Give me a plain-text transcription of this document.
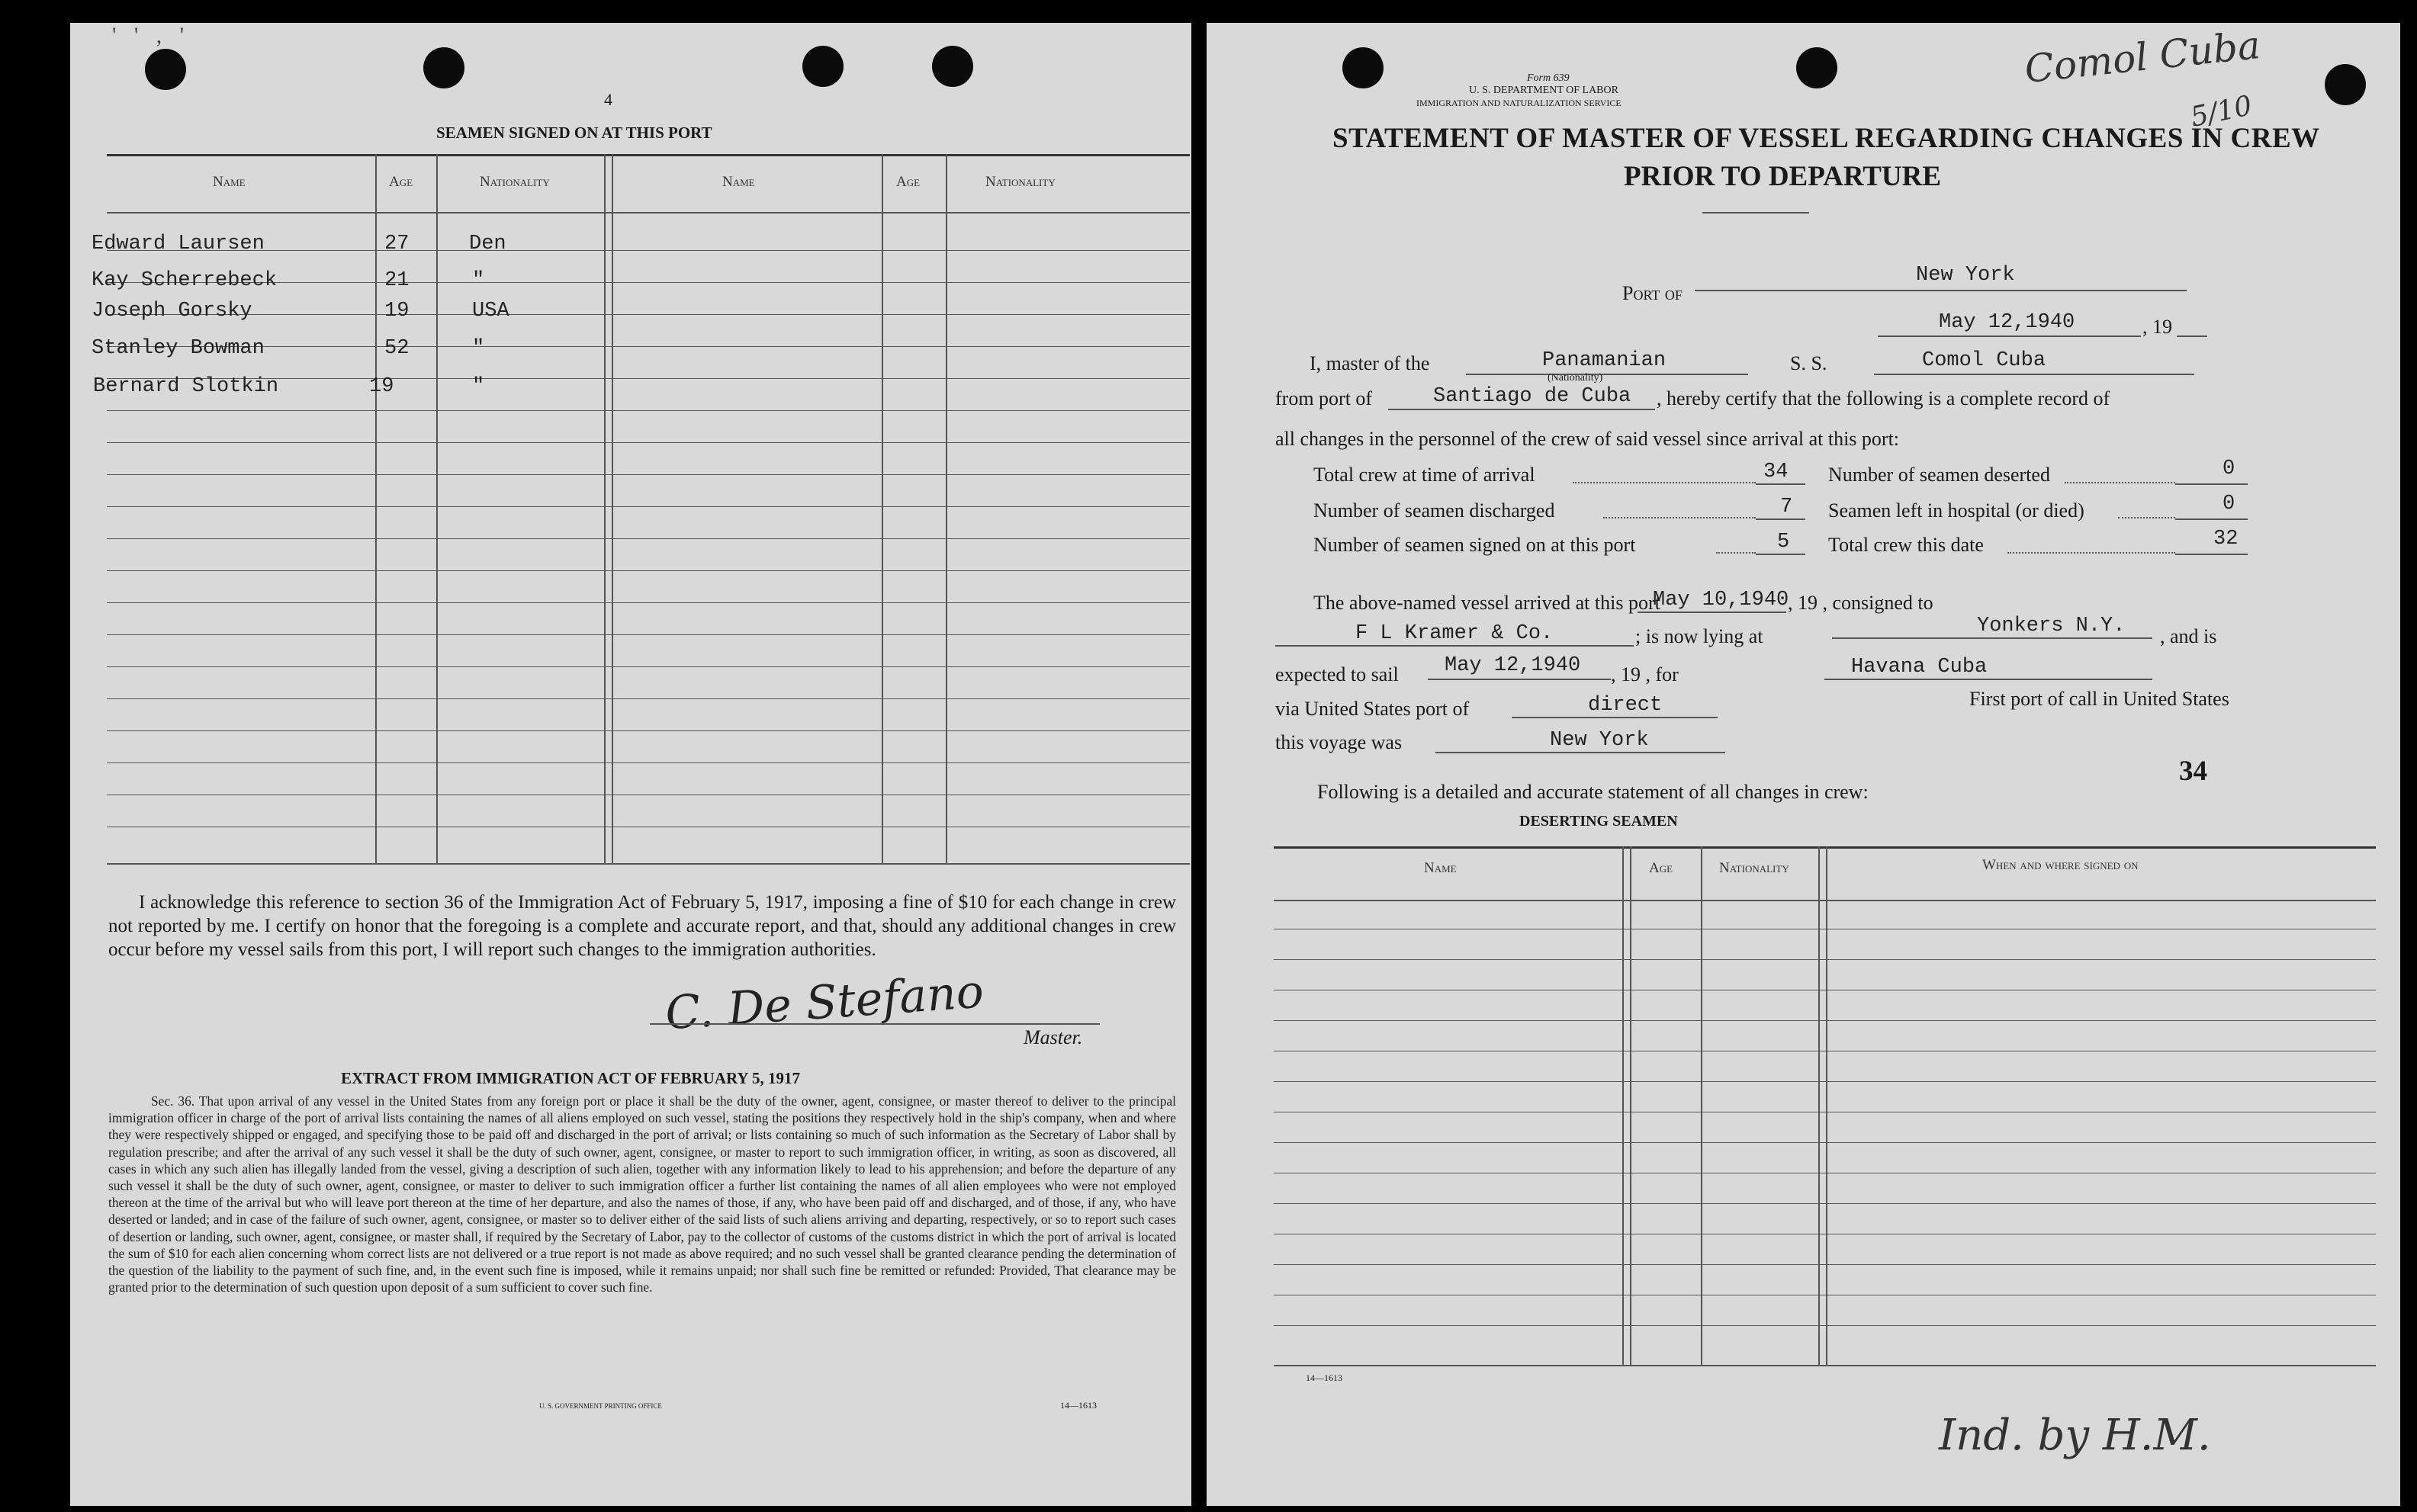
' ' , '
4
SEAMEN SIGNED ON AT THIS PORT
Name	Age	Nationality	Name	Age	Nationality
Edward Laursen	27	Den
Kay Scherrebeck	21	"
Joseph Gorsky	19	USA
Stanley Bowman	52	"
Bernard Slotkin	19	"
I acknowledge this reference to section 36 of the Immigration Act of February 5, 1917, imposing a fine of $10 for each change in crew not reported by me. I certify on honor that the foregoing is a complete and accurate report, and that, should any additional changes in crew occur before my vessel sails from this port, I will report such changes to the immigration authorities.
C. De Stefano Master.
EXTRACT FROM IMMIGRATION ACT OF FEBRUARY 5, 1917
Sec. 36. That upon arrival of any vessel in the United States from any foreign port or place it shall be the duty of the owner, agent, consignee, or master thereof to deliver to the principal immigration officer in charge of the port of arrival lists containing the names of all aliens employed on such vessel, stating the positions they respectively hold in the ship's company, when and where they were respectively shipped or engaged, and specifying those to be paid off and discharged in the port of arrival; or lists containing so much of such information as the Secretary of Labor shall by regulation prescribe; and after the arrival of any such vessel it shall be the duty of such owner, agent, consignee, or master to report to such immigration officer, in writing, as soon as discovered, all cases in which any such alien has illegally landed from the vessel, giving a description of such alien, together with any information likely to lead to his apprehension; and before the departure of any such vessel it shall be the duty of such owner, agent, consignee, or master to deliver to such immigration officer a further list containing the names of all alien employees who were not employed thereon at the time of the arrival but who will leave port thereon at the time of her departure, and also the names of those, if any, who have been paid off and discharged, and of those, if any, who have deserted or landed; and in case of the failure of such owner, agent, consignee, or master so to deliver either of the said lists of such aliens arriving and departing, respectively, or so to report such cases of desertion or landing, such owner, agent, consignee, or master shall, if required by the Secretary of Labor, pay to the collector of customs of the customs district in which the port of arrival is located the sum of $10 for each alien concerning whom correct lists are not delivered or a true report is not made as above required; and no such vessel shall be granted clearance pending the determination of the question of the liability to the payment of such fine, and, in the event such fine is imposed, while it remains unpaid; nor shall such fine be remitted or refunded: Provided, That clearance may be granted prior to the determination of such question upon deposit of a sum sufficient to cover such fine.
U. S. GOVERNMENT PRINTING OFFICE	14—1613
Comol Cuba
5/10
Form 639
U. S. DEPARTMENT OF LABOR
IMMIGRATION AND NATURALIZATION SERVICE
STATEMENT OF MASTER OF VESSEL REGARDING CHANGES IN CREW
PRIOR TO DEPARTURE
Port of
New York
May 12,1940	, 19
I, master of the	Panamanian
(Nationality)
S. S.	Comol Cuba
from port of	Santiago de Cuba , hereby certify that the following is a complete record of
all changes in the personnel of the crew of said vessel since arrival at this port:
Total crew at time of arrival	34 Number of seamen deserted	0
Number of seamen discharged	7 Seamen left in hospital (or died)	0
Number of seamen signed on at this port	5 Total crew this date	32
The above-named vessel arrived at this port
May 10,1940
, 19 , consigned to
F L Kramer & Co.	; is now lying at	Yonkers N.Y. , and is
expected to sail May 12,1940 , 19 , for	Havana Cuba
via United States port of	direct	First port of call in United States
this voyage was	New York
34
Following is a detailed and accurate statement of all changes in crew:
DESERTING SEAMEN
Name	Age	Nationality	When and where signed on
14—1613
Ind. by H.M.
